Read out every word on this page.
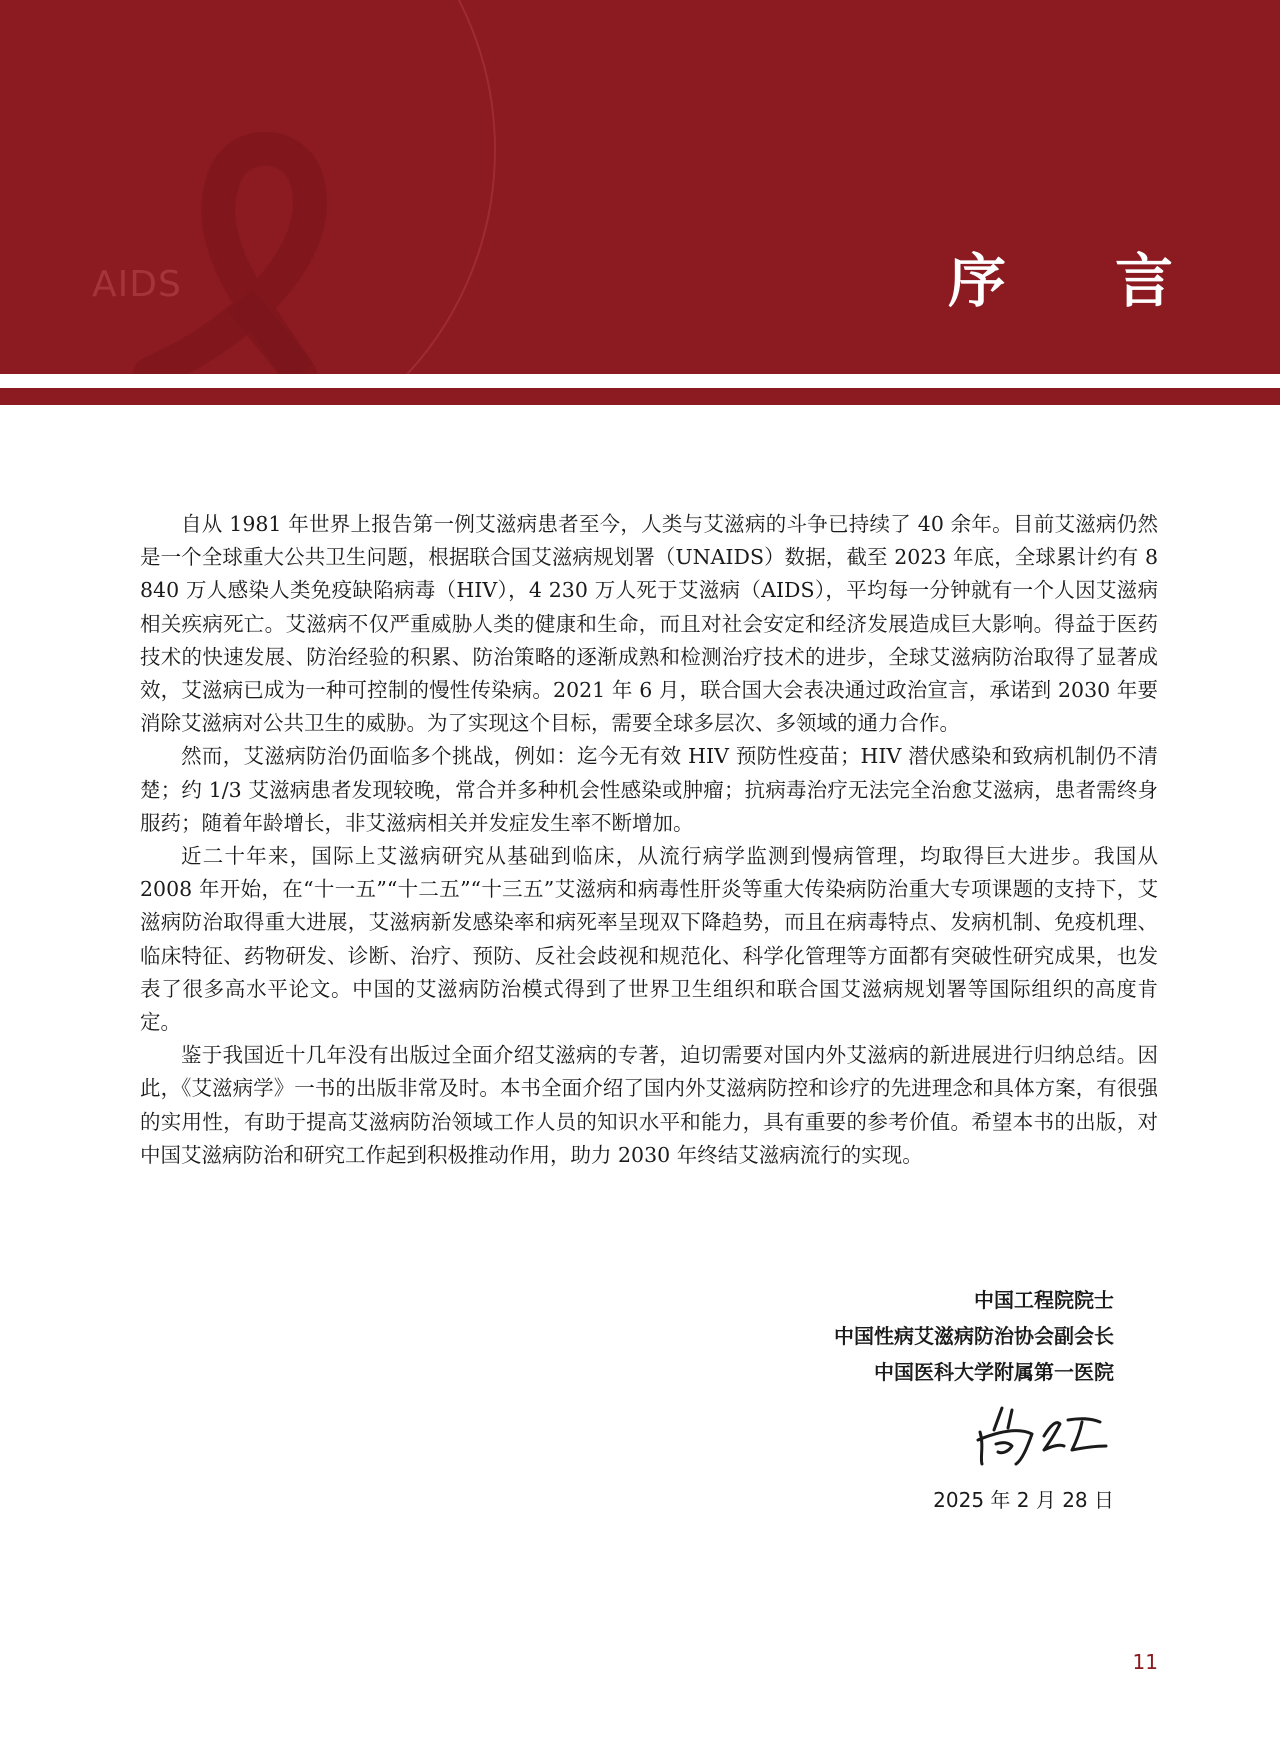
AIDS	序 言

自从 1981 年世界上报告第一例艾滋病患者至今，人类与艾滋病的斗争已持续了 40 余年。目前艾滋病仍然是一个全球重大公共卫生问题，根据联合国艾滋病规划署（UNAIDS）数据，截至 2023 年底，全球累计约有 8 840 万人感染人类免疫缺陷病毒（HIV），4 230 万人死于艾滋病（AIDS），平均每一分钟就有一个人因艾滋病相关疾病死亡。艾滋病不仅严重威胁人类的健康和生命，而且对社会安定和经济发展造成巨大影响。得益于医药技术的快速发展、防治经验的积累、防治策略的逐渐成熟和检测治疗技术的进步，全球艾滋病防治取得了显著成效，艾滋病已成为一种可控制的慢性传染病。2021 年 6 月，联合国大会表决通过政治宣言，承诺到 2030 年要消除艾滋病对公共卫生的威胁。为了实现这个目标，需要全球多层次、多领域的通力合作。

然而，艾滋病防治仍面临多个挑战，例如：迄今无有效 HIV 预防性疫苗；HIV 潜伏感染和致病机制仍不清楚；约 1/3 艾滋病患者发现较晚，常合并多种机会性感染或肿瘤；抗病毒治疗无法完全治愈艾滋病，患者需终身服药；随着年龄增长，非艾滋病相关并发症发生率不断增加。

近二十年来，国际上艾滋病研究从基础到临床，从流行病学监测到慢病管理，均取得巨大进步。我国从 2008 年开始，在“十一五”“十二五”“十三五”艾滋病和病毒性肝炎等重大传染病防治重大专项课题的支持下，艾滋病防治取得重大进展，艾滋病新发感染率和病死率呈现双下降趋势，而且在病毒特点、发病机制、免疫机理、临床特征、药物研发、诊断、治疗、预防、反社会歧视和规范化、科学化管理等方面都有突破性研究成果，也发表了很多高水平论文。中国的艾滋病防治模式得到了世界卫生组织和联合国艾滋病规划署等国际组织的高度肯定。

鉴于我国近十几年没有出版过全面介绍艾滋病的专著，迫切需要对国内外艾滋病的新进展进行归纳总结。因此，《艾滋病学》一书的出版非常及时。本书全面介绍了国内外艾滋病防控和诊疗的先进理念和具体方案，有很强的实用性，有助于提高艾滋病防治领域工作人员的知识水平和能力，具有重要的参考价值。希望本书的出版，对中国艾滋病防治和研究工作起到积极推动作用，助力 2030 年终结艾滋病流行的实现。

中国工程院院士
中国性病艾滋病防治协会副会长
中国医科大学附属第一医院
2025 年 2 月 28 日
11
